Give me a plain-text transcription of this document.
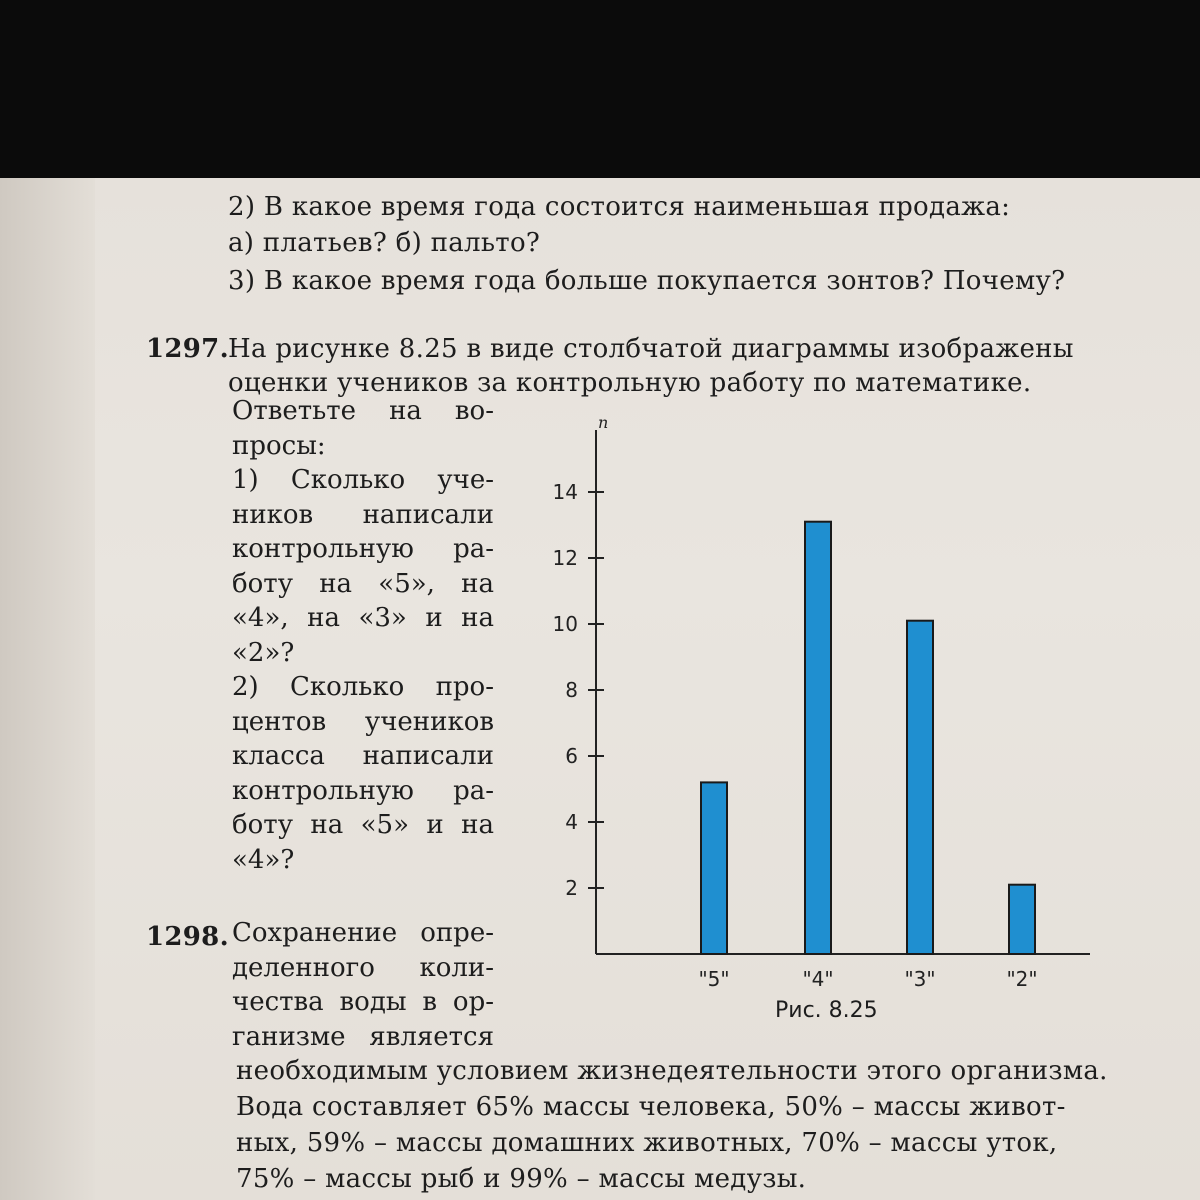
2) В какое время года состоится наименьшая продажа:
а) платьев? б) пальто?
3) В какое время года больше покупается зонтов? Почему?
1297. На рисунке 8.25 в виде столбчатой диаграммы изображены
оценки учеников за контрольную работу по математике.
Ответьте на во-
просы:
1) Сколько уче-
ников написали
контрольную ра-
боту на «5», на
«4», на «3» и на
«2»?
2) Сколько про-
центов учеников
класса написали
контрольную ра-
боту на «5» и на
«4»?
n
2
4
6
8
10
12
14
"5"	"4"	"3"	"2"
Рис. 8.25
1298. Сохранение опре-
деленного коли-
чества воды в ор-
ганизме является
необходимым условием жизнедеятельности этого организма.
Вода составляет 65% массы человека, 50% – массы живот-
ных, 59% – массы домашних животных, 70% – массы уток,
75% – массы рыб и 99% – массы медузы.
